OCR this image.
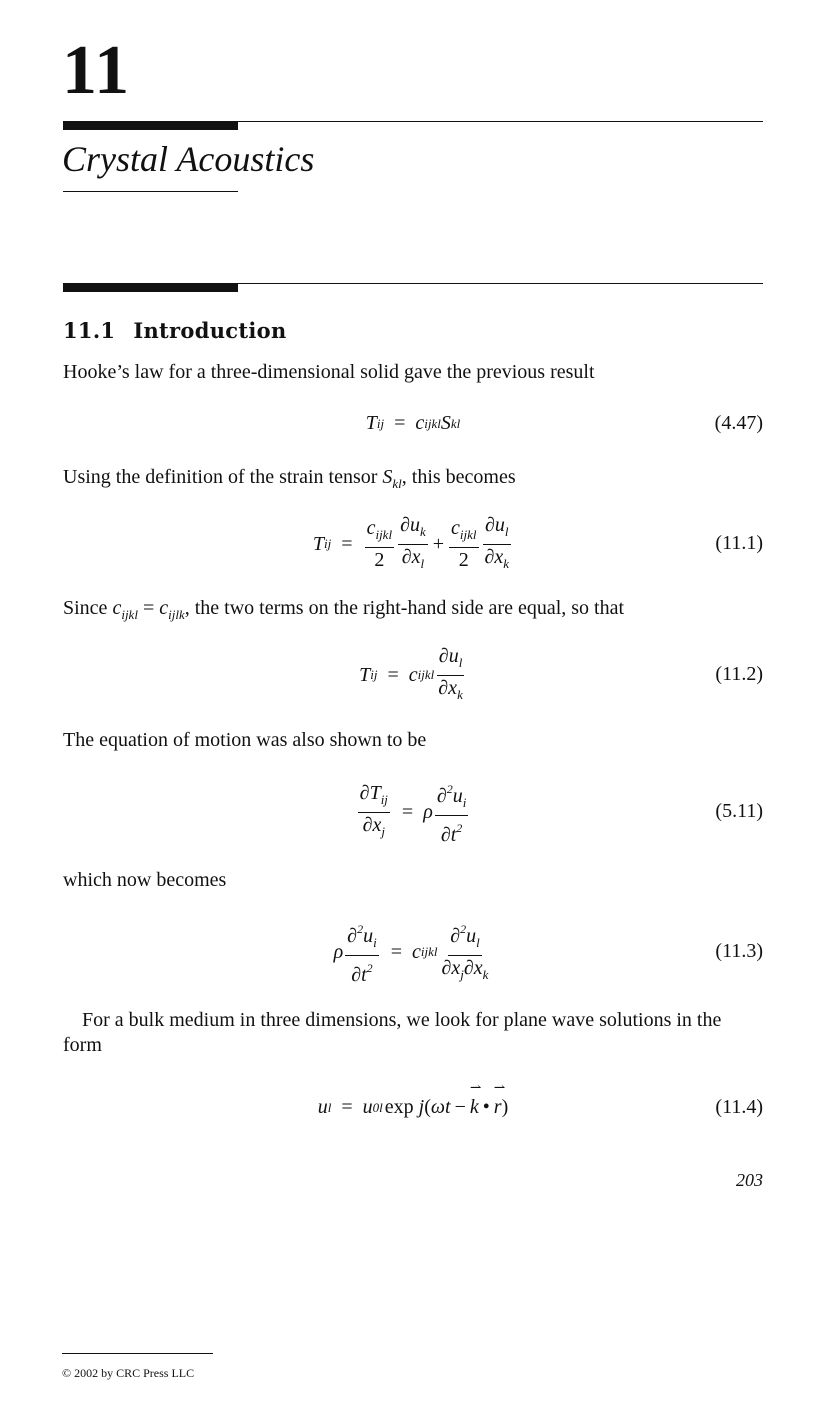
11
Crystal Acoustics
11.1 Introduction
Hooke’s law for a three-dimensional solid gave the previous result
T ij = c ijkl S kl	(4.47)
Using the definition of the strain tensor $S_{kl}$, this becomes
T ij = $\frac{c_{ijkl}}{2} \frac{\partial u_k}{\partial x_l} + \frac{c_{ijkl}}{2} \frac{\partial u_l}{\partial x_k}$	(11.1)
Since $c_{ijkl} = c_{ijlk}$, the two terms on the right-hand side are equal, so that
T ij = c ijkl $\frac{\partial u_l}{\partial x_k}$	(11.2)
The equation of motion was also shown to be
$\frac{\partial T_{ij}}{\partial x_j} = \rho \frac{\partial^2u_i}{\partial t^2}$	(5.11)
which now becomes
ρ $\frac{\partial^2u_i}{\partial t^2} = c$ ijkl $\frac{\partial^2u_l}{\partial x_j\partial x_k}$	(11.3)
For a bulk medium in three dimensions, we look for plane wave solutions in the form
u l = u 0l exp j ( ωt − ⇀ k • ⇀ r )	(11.4)
203
© 2002 by CRC Press LLC
